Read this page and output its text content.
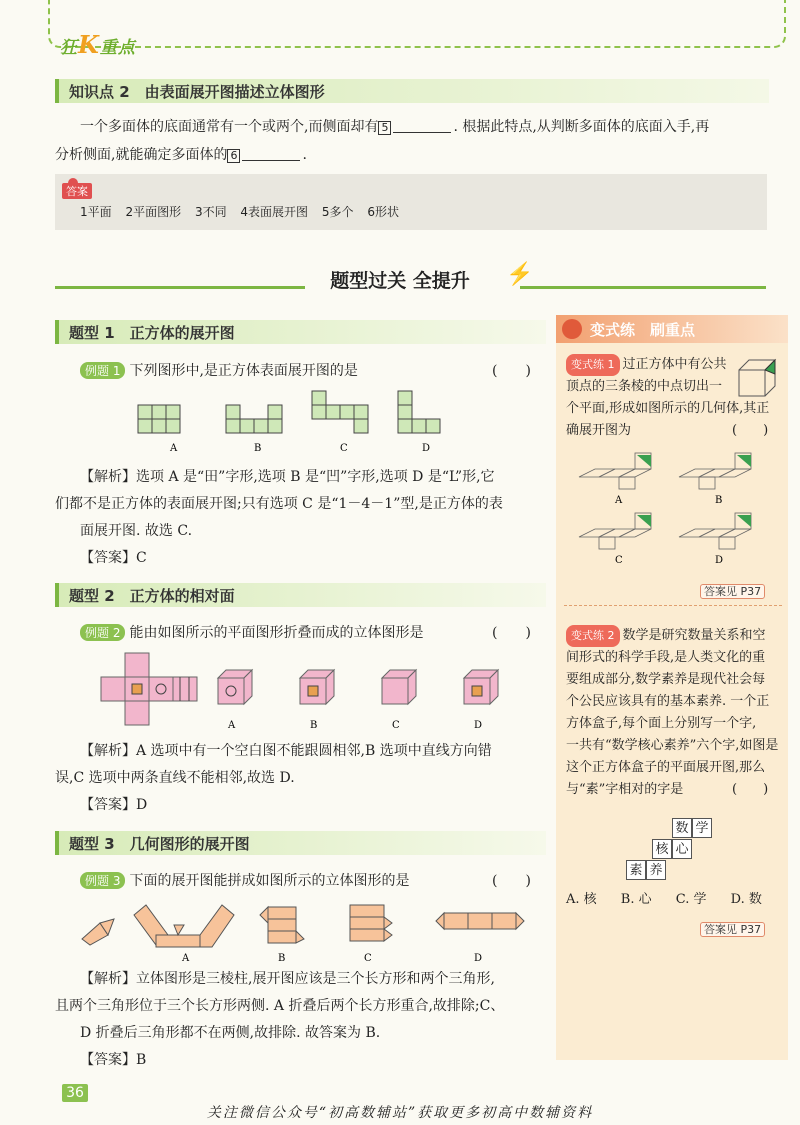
狂K重点
知识点 2　由表面展开图描述立体图形
一个多面体的底面通常有一个或两个,而侧面却有 5	. 根据此特点,从判断多面体的底面入手,再
分析侧面,就能确定多面体的 6	.
答案
1平面 2平面图形 3不同 4表面展开图 5多个 6形状
题型过关 全提升	⚡
题型 1　正方体的展开图
例题 1 下列图形中,是正方体表面展开图的是	(　　)
A	B	C	D
【解析】选项 A 是“田”字形,选项 B 是“凹”字形,选项 D 是“L”形,它
们都不是正方体的表面展开图;只有选项 C 是“1－4－1”型,是正方体的表
面展开图. 故选 C.
【答案】C
题型 2　正方体的相对面
例题 2 能由如图所示的平面图形折叠而成的立体图形是	(　　)
A	B	C	D
【解析】A 选项中有一个空白图不能跟圆相邻,B 选项中直线方向错
误,C 选项中两条直线不能相邻,故选 D.
【答案】D
题型 3　几何图形的展开图
例题 3 下面的展开图能拼成如图所示的立体图形的是	(　　)
A	B	C	D
【解析】立体图形是三棱柱,展开图应该是三个长方形和两个三角形,
且两个三角形位于三个长方形两侧. A 折叠后两个长方形重合,故排除;C、
D 折叠后三角形都不在两侧,故排除. 故答案为 B.
【答案】B
变式练　刷重点
变式练 1 过正方体中有公共
顶点的三条棱的中点切出一
个平面,形成如图所示的几何体,其正
确展开图为	(　　)
A	B
C	D
答案见 P37
变式练 2 数学是研究数量关系和空
间形式的科学手段,是人类文化的重
要组成部分,数学素养是现代社会每
个公民应该具有的基本素养. 一个正
方体盒子,每个面上分别写一个字,
一共有“数学核心素养”六个字,如图是
这个正方体盒子的平面展开图,那么
与“素”字相对的字是	(　　)
数 学
核 心
素 养
A. 核 B. 心 C. 学 D. 数
答案见 P37
36
关注微信公众号“初高数辅站”获取更多初高中数辅资料
